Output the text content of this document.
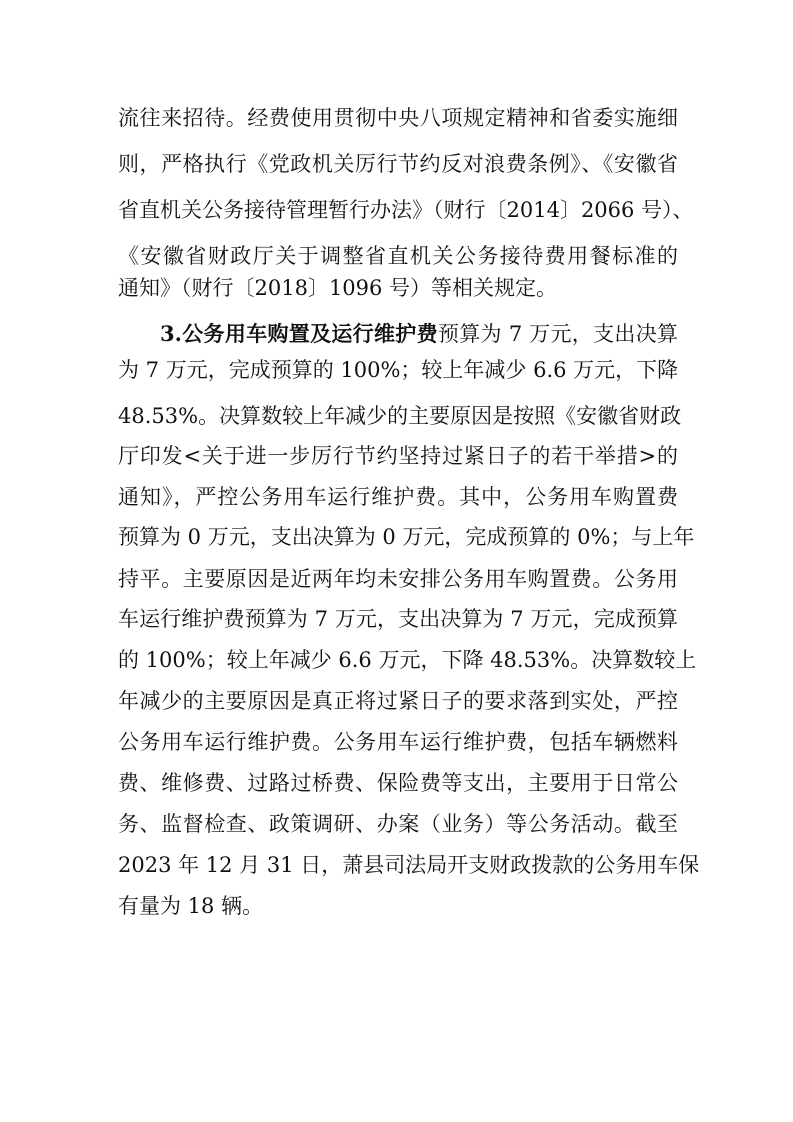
流往来招待。经费使用贯彻中央八项规定精神和省委实施细
则，严格执行《党政机关厉行节约反对浪费条例》、《安徽省
省直机关公务接待管理暂行办法》（财行〔2014〕2066 号）、
《安徽省财政厅关于调整省直机关公务接待费用餐标准的
通知》（财行〔2018〕1096 号）等相关规定。
3.公务用车购置及运行维护费预算为 7 万元，支出决算
为 7 万元，完成预算的 100%；较上年减少 6.6 万元，下降
48.53%。决算数较上年减少的主要原因是按照《安徽省财政
厅印发<关于进一步厉行节约坚持过紧日子的若干举措>的
通知》，严控公务用车运行维护费。其中，公务用车购置费
预算为 0 万元，支出决算为 0 万元，完成预算的 0%；与上年
持平。主要原因是近两年均未安排公务用车购置费。公务用
车运行维护费预算为 7 万元，支出决算为 7 万元，完成预算
的 100%；较上年减少 6.6 万元，下降 48.53%。决算数较上
年减少的主要原因是真正将过紧日子的要求落到实处，严控
公务用车运行维护费。公务用车运行维护费，包括车辆燃料
费、维修费、过路过桥费、保险费等支出，主要用于日常公
务、监督检查、政策调研、办案（业务）等公务活动。截至
2023 年 12 月 31 日，萧县司法局开支财政拨款的公务用车保
有量为 18 辆。
